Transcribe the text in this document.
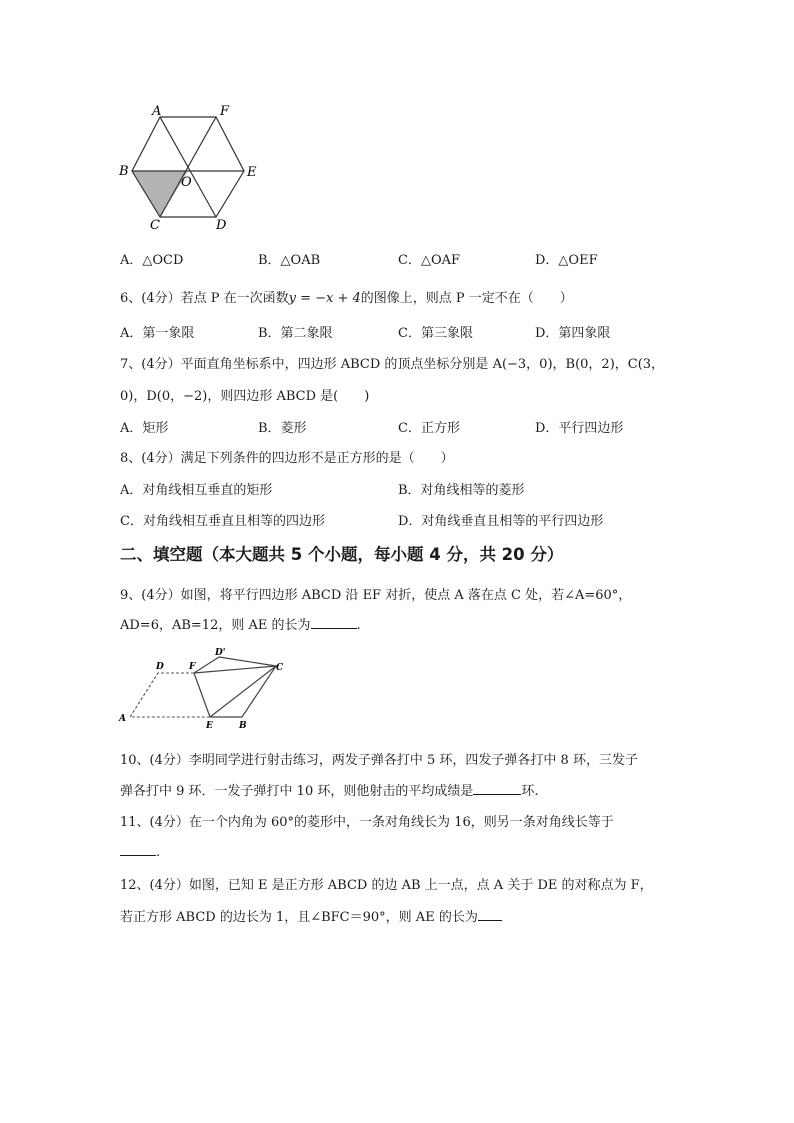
A	F
B
O
E
C	D
A．△OCD	B．△OAB	C．△OAF	D．△OEF
6、(4分）若点 P 在一次函数y = −x + 4的图像上，则点 P 一定不在（　　）
A．第一象限	B．第二象限	C．第三象限	D．第四象限
7、(4分）平面直角坐标系中，四边形 ABCD 的顶点坐标分别是 A(−3，0)，B(0，2)，C(3，
0)，D(0，−2)，则四边形 ABCD 是(　　)
A．矩形	B．菱形	C．正方形	D．平行四边形
8、(4分）满足下列条件的四边形不是正方形的是（　　）
A．对角线相互垂直的矩形	B．对角线相等的菱形
C．对角线相互垂直且相等的四边形	D．对角线垂直且相等的平行四边形
二、填空题（本大题共 5 个小题，每小题 4 分，共 20 分）
9、(4分）如图，将平行四边形 ABCD 沿 EF 对折，使点 A 落在点 C 处，若∠A=60°，
AD=6，AB=12，则 AE 的长为	.
D	F
D'
C
A
E	B
10、(4分）李明同学进行射击练习，两发子弹各打中 5 环，四发子弹各打中 8 环，三发子
弹各打中 9 环．一发子弹打中 10 环，则他射击的平均成绩是	环.
11、(4分）在一个内角为 60°的菱形中，一条对角线长为 16，则另一条对角线长等于
.
12、(4分）如图，已知 E 是正方形 ABCD 的边 AB 上一点，点 A 关于 DE 的对称点为 F，
若正方形 ABCD 的边长为 1，且∠BFC＝90°，则 AE 的长为
